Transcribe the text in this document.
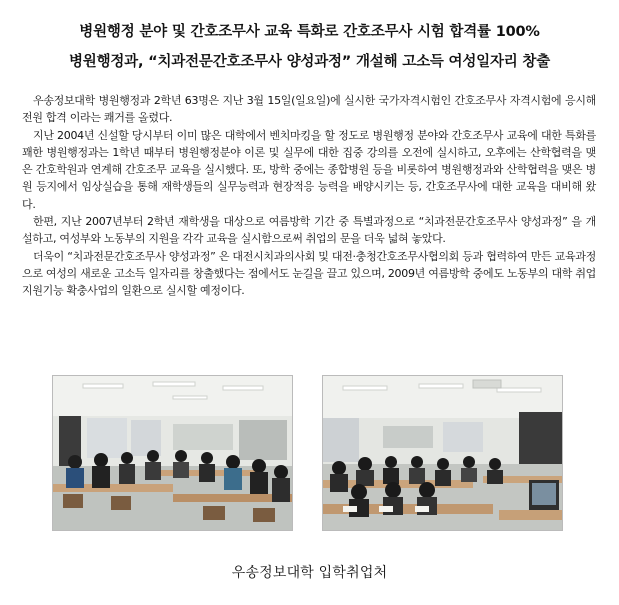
병원행정 분야 및 간호조무사 교육 특화로 간호조무사 시험 합격률 100%
병원행정과, “치과전문간호조무사 양성과정” 개설해 고소득 여성일자리 창출

우송정보대학 병원행정과 2학년 63명은 지난 3월 15일(일요일)에 실시한 국가자격시험인 간호조무사 자격시험에 응시해 전원 합격 이라는 쾌거를 올렸다.

지난 2004년 신설할 당시부터 이미 많은 대학에서 벤치마킹을 할 정도로 병원행정 분야와 간호조무사 교육에 대한 특화를 꽤한 병원행정과는 1학년 때부터 병원행정분야 이론 및 실무에 대한 집중 강의를 오전에 실시하고, 오후에는 산학협력을 맺은 간호학원과 연계해 간호조무 교육을 실시했다. 또, 방학 중에는 종합병원 등을 비롯하여 병원행정과와 산학협력을 맺은 병원 등지에서 임상실습을 통해 재학생들의 실무능력과 현장적응 능력을 배양시키는 등, 간호조무사에 대한 교육을 대비해 왔다.

한편, 지난 2007년부터 2학년 재학생을 대상으로 여름방학 기간 중 특별과정으로 “치과전문간호조무사 양성과정” 을 개설하고, 여성부와 노동부의 지원을 각각 교육을 실시함으로써 취업의 문을 더욱 넓혀 놓았다.

더욱이 “치과전문간호조무사 양성과정” 은 대전시치과의사회 및 대전·충청간호조무사협의회 등과 협력하여 만든 교육과정으로 여성의 새로운 고소득 일자리를 창출했다는 점에서도 눈길을 끌고 있으며, 2009년 여름방학 중에도 노동부의 대학 취업지원기능 확충사업의 일환으로 실시할 예정이다.

우송정보대학 입학취업처
